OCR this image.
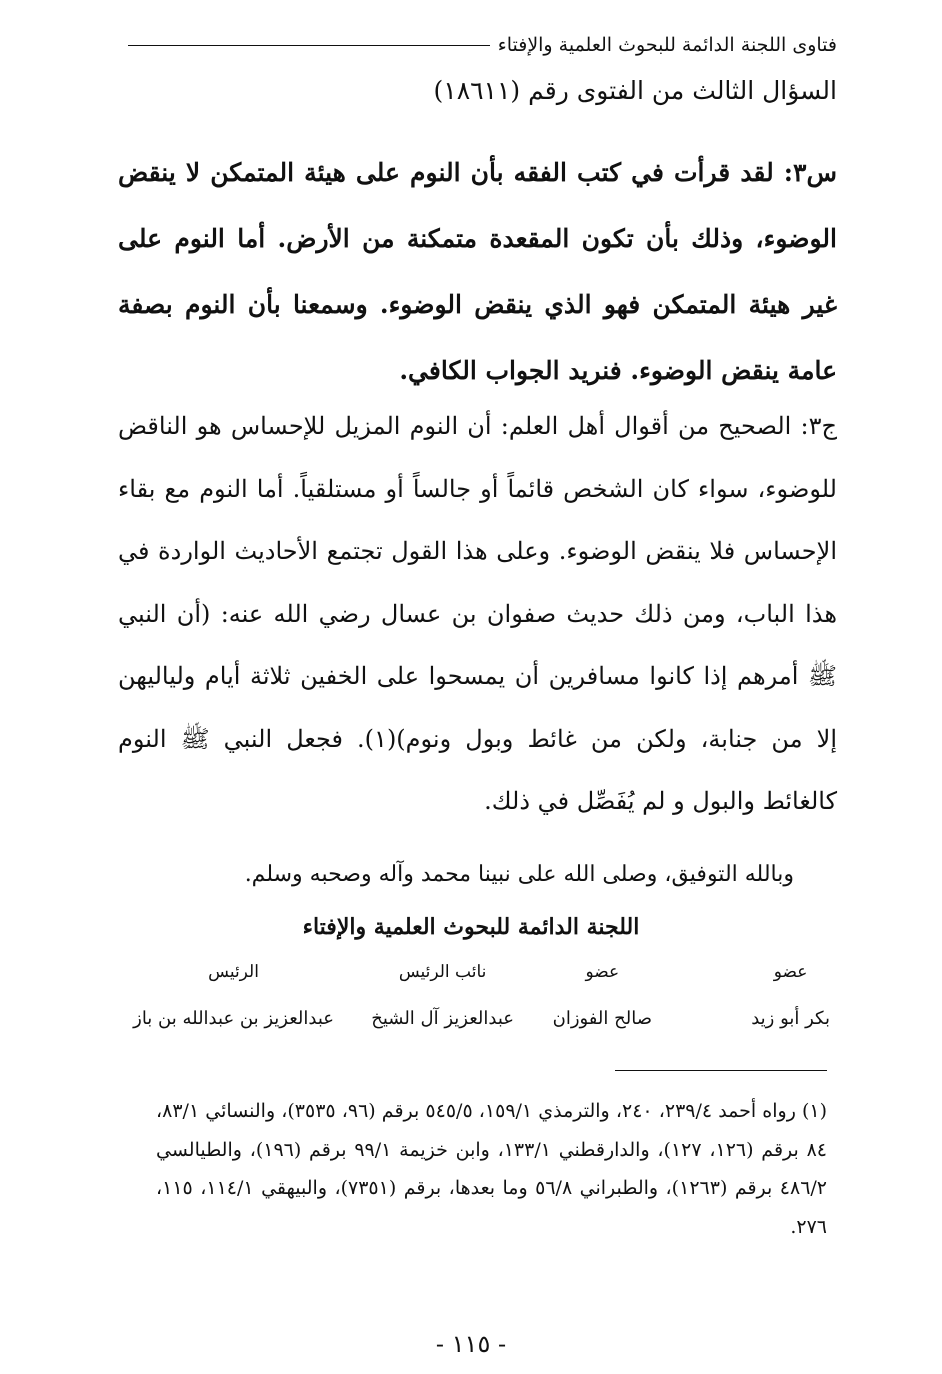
فتاوى اللجنة الدائمة للبحوث العلمية والإفتاء
السؤال الثالث من الفتوى رقم (١٨٦١١)
س٣: لقد قرأت في كتب الفقه بأن النوم على هيئة المتمكن لا ينقض الوضوء، وذلك بأن تكون المقعدة متمكنة من الأرض. أما النوم على غير هيئة المتمكن فهو الذي ينقض الوضوء. وسمعنا بأن النوم بصفة عامة ينقض الوضوء. فنريد الجواب الكافي.
ج٣: الصحيح من أقوال أهل العلم: أن النوم المزيل للإحساس هو الناقض للوضوء، سواء كان الشخص قائماً أو جالساً أو مستلقياً. أما النوم مع بقاء الإحساس فلا ينقض الوضوء. وعلى هذا القول تجتمع الأحاديث الواردة في هذا الباب، ومن ذلك حديث صفوان بن عسال رضي الله عنه: (أن النبي ﷺ أمرهم إذا كانوا مسافرين أن يمسحوا على الخفين ثلاثة أيام ولياليهن إلا من جنابة، ولكن من غائط وبول ونوم)(١). فجعل النبي ﷺ النوم كالغائط والبول و لم يُفَصِّل في ذلك.
وبالله التوفيق، وصلى الله على نبينا محمد وآله وصحبه وسلم.
اللجنة الدائمة للبحوث العلمية والإفتاء
عضو
بكر أبو زيد
عضو
صالح الفوزان
نائب الرئيس
عبدالعزيز آل الشيخ
الرئيس
عبدالعزيز بن عبدالله بن باز
(١) رواه أحمد ٢٣٩/٤، ٢٤٠، والترمذي ١٥٩/١، ٥٤٥/٥ برقم (٩٦، ٣٥٣٥)، والنسائي ٨٣/١، ٨٤ برقم (١٢٦، ١٢٧)، والدارقطني ١٣٣/١، وابن خزيمة ٩٩/١ برقم (١٩٦)، والطيالسي ٤٨٦/٢ برقم (١٢٦٣)، والطبراني ٥٦/٨ وما بعدها، برقم (٧٣٥١)، والبيهقي ١١٤/١، ١١٥، ٢٧٦.
- ١١٥ -
